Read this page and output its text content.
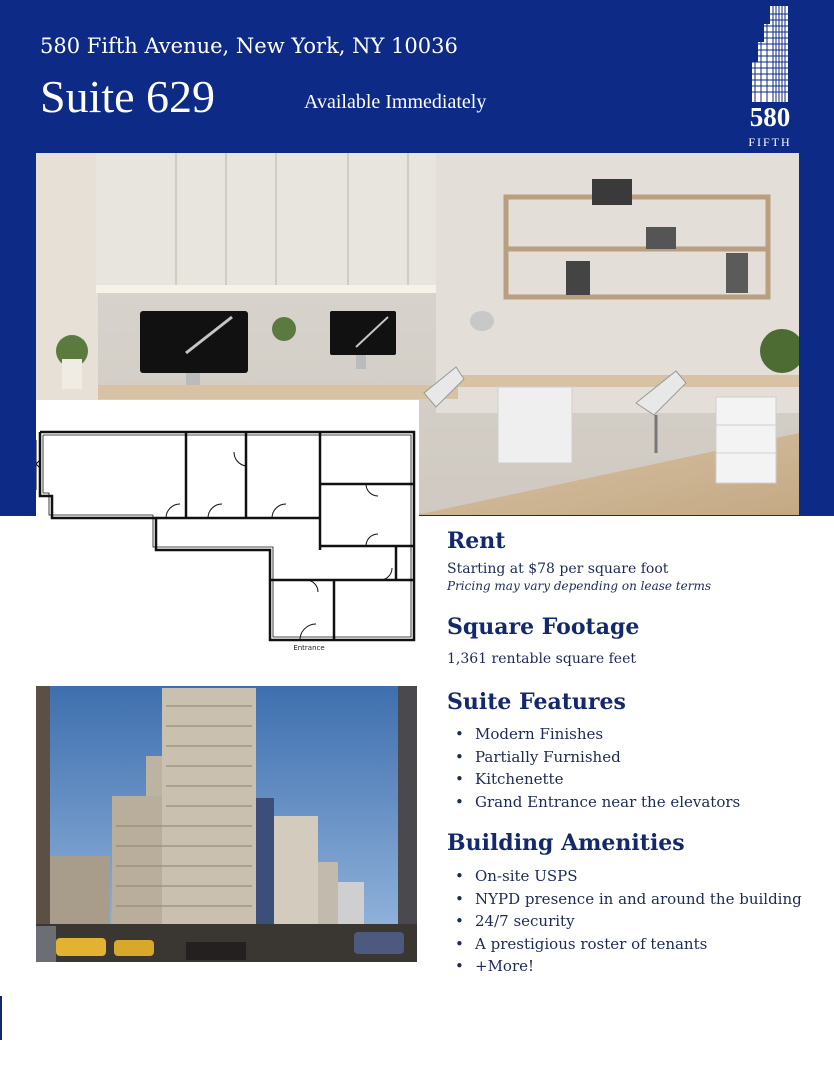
580 Fifth Avenue, New York, NY 10036
Suite 629	Available Immediately	580
FIFTH
Entrance
Rent
Starting at $78 per square foot
Pricing may vary depending on lease terms
Square Footage
1,361 rentable square feet
Suite Features
• Modern Finishes
• Partially Furnished
• Kitchenette
• Grand Entrance near the elevators
Building Amenities
• On-site USPS
• NYPD presence in and around the building
• 24/7 security
• A prestigious roster of tenants
• +More!
